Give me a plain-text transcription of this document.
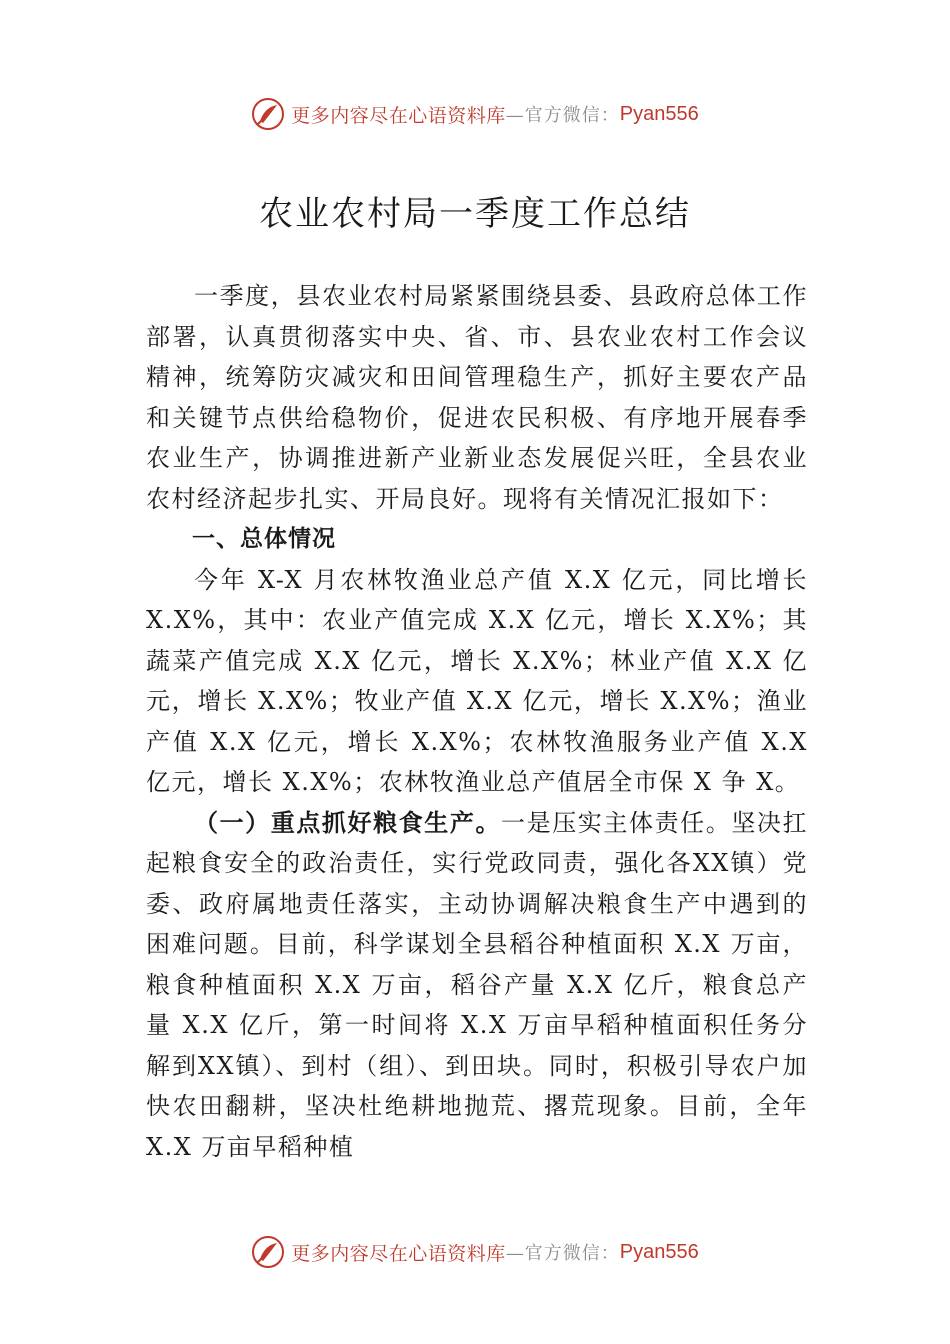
更多内容尽在心语资料库 —官方微信： Pyan556
农业农村局一季度工作总结

一季度，县农业农村局紧紧围绕县委、县政府总体工作部署，认真贯彻落实中央、省、市、县农业农村工作会议精神，统筹防灾减灾和田间管理稳生产，抓好主要农产品和关键节点供给稳物价，促进农民积极、有序地开展春季农业生产，协调推进新产业新业态发展促兴旺，全县农业农村经济起步扎实、开局良好。现将有关情况汇报如下：

一、总体情况

今年 X-X 月农林牧渔业总产值 X.X 亿元，同比增长 X.X%，其中：农业产值完成 X.X 亿元，增长 X.X%；其蔬菜产值完成 X.X 亿元，增长 X.X%；林业产值 X.X 亿元，增长 X.X%；牧业产值 X.X 亿元，增长 X.X%；渔业产值 X.X 亿元，增长 X.X%；农林牧渔服务业产值 X.X 亿元，增长 X.X%；农林牧渔业总产值居全市保 X 争 X。

（一）重点抓好粮食生产。一是压实主体责任。坚决扛起粮食安全的政治责任，实行党政同责，强化各XX镇）党委、政府属地责任落实，主动协调解决粮食生产中遇到的困难问题。目前，科学谋划全县稻谷种植面积 X.X 万亩，粮食种植面积 X.X 万亩，稻谷产量 X.X 亿斤，粮食总产量 X.X 亿斤，第一时间将 X.X 万亩早稻种植面积任务分解到XX镇）、到村（组）、到田块。同时，积极引导农户加快农田翻耕，坚决杜绝耕地抛荒、撂荒现象。目前，全年 X.X 万亩早稻种植

更多内容尽在心语资料库 —官方微信： Pyan556
